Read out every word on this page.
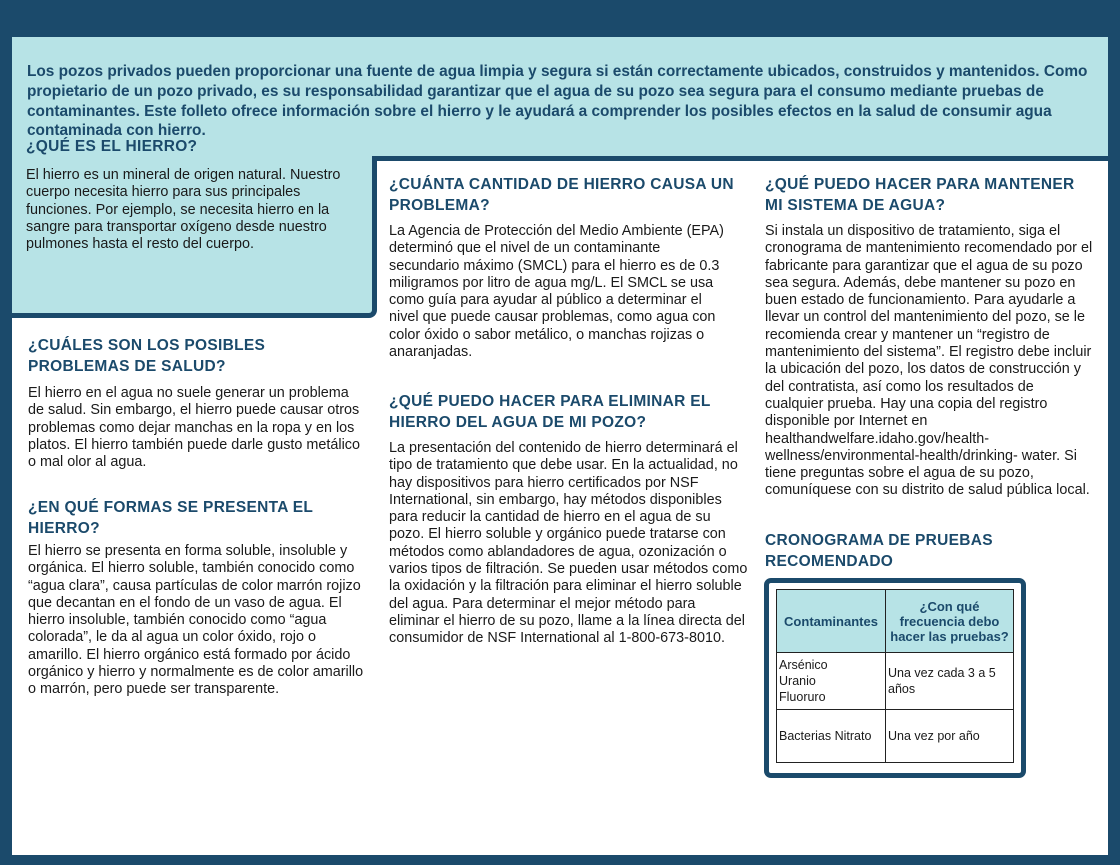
Los pozos privados pueden proporcionar una fuente de agua limpia y segura si están correctamente ubicados, construidos y mantenidos. Como propietario de un pozo privado, es su responsabilidad garantizar que el agua de su pozo sea segura para el consumo mediante pruebas de contaminantes. Este folleto ofrece información sobre el hierro y le ayudará a comprender los posibles efectos en la salud de consumir agua contaminada con hierro.

¿QUÉ ES EL HIERRO?

El hierro es un mineral de origen natural. Nuestro cuerpo necesita hierro para sus principales funciones. Por ejemplo, se necesita hierro en la sangre para transportar oxígeno desde nuestro pulmones hasta el resto del cuerpo.

¿CUÁLES SON LOS POSIBLES PROBLEMAS DE SALUD?

El hierro en el agua no suele generar un problema de salud. Sin embargo, el hierro puede causar otros problemas como dejar manchas en la ropa y en los platos. El hierro también puede darle gusto metálico o mal olor al agua.

¿EN QUÉ FORMAS SE PRESENTA EL HIERRO?

El hierro se presenta en forma soluble, insoluble y orgánica. El hierro soluble, también conocido como “agua clara”, causa partículas de color marrón rojizo que decantan en el fondo de un vaso de agua. El hierro insoluble, también conocido como “agua colorada”, le da al agua un color óxido, rojo o amarillo. El hierro orgánico está formado por ácido orgánico y hierro y normalmente es de color amarillo o marrón, pero puede ser transparente.

¿CUÁNTA CANTIDAD DE HIERRO CAUSA UN PROBLEMA?

La Agencia de Protección del Medio Ambiente (EPA) determinó que el nivel de un contaminante secundario máximo (SMCL) para el hierro es de 0.3 miligramos por litro de agua mg/L. El SMCL se usa como guía para ayudar al público a determinar el nivel que puede causar problemas, como agua con color óxido o sabor metálico, o manchas rojizas o anaranjadas.

¿QUÉ PUEDO HACER PARA ELIMINAR EL HIERRO DEL AGUA DE MI POZO?

La presentación del contenido de hierro determinará el tipo de tratamiento que debe usar. En la actualidad, no hay dispositivos para hierro certificados por NSF International, sin embargo, hay métodos disponibles para reducir la cantidad de hierro en el agua de su pozo. El hierro soluble y orgánico puede tratarse con métodos como ablandadores de agua, ozonización o varios tipos de filtración. Se pueden usar métodos como la oxidación y la filtración para eliminar el hierro soluble del agua. Para determinar el mejor método para eliminar el hierro de su pozo, llame a la línea directa del consumidor de NSF International al 1-800-673-8010.

¿QUÉ PUEDO HACER PARA MANTENER MI SISTEMA DE AGUA?

Si instala un dispositivo de tratamiento, siga el cronograma de mantenimiento recomendado por el fabricante para garantizar que el agua de su pozo sea segura. Además, debe mantener su pozo en buen estado de funcionamiento. Para ayudarle a llevar un control del mantenimiento del pozo, se le recomienda crear y mantener un “registro de mantenimiento del sistema”. El registro debe incluir la ubicación del pozo, los datos de construcción y del contratista, así como los resultados de cualquier prueba. Hay una copia del registro disponible por Internet en healthandwelfare.idaho.gov/health-wellness/environmental-health/drinking- water. Si tiene preguntas sobre el agua de su pozo, comuníquese con su distrito de salud pública local.

CRONOGRAMA DE PRUEBAS RECOMENDADO
Contaminantes	¿Con qué frecuencia debo hacer las pruebas?
Arsénico
Uranio
Fluoruro	Una vez cada 3 a 5 años
Bacterias Nitrato	Una vez por año
